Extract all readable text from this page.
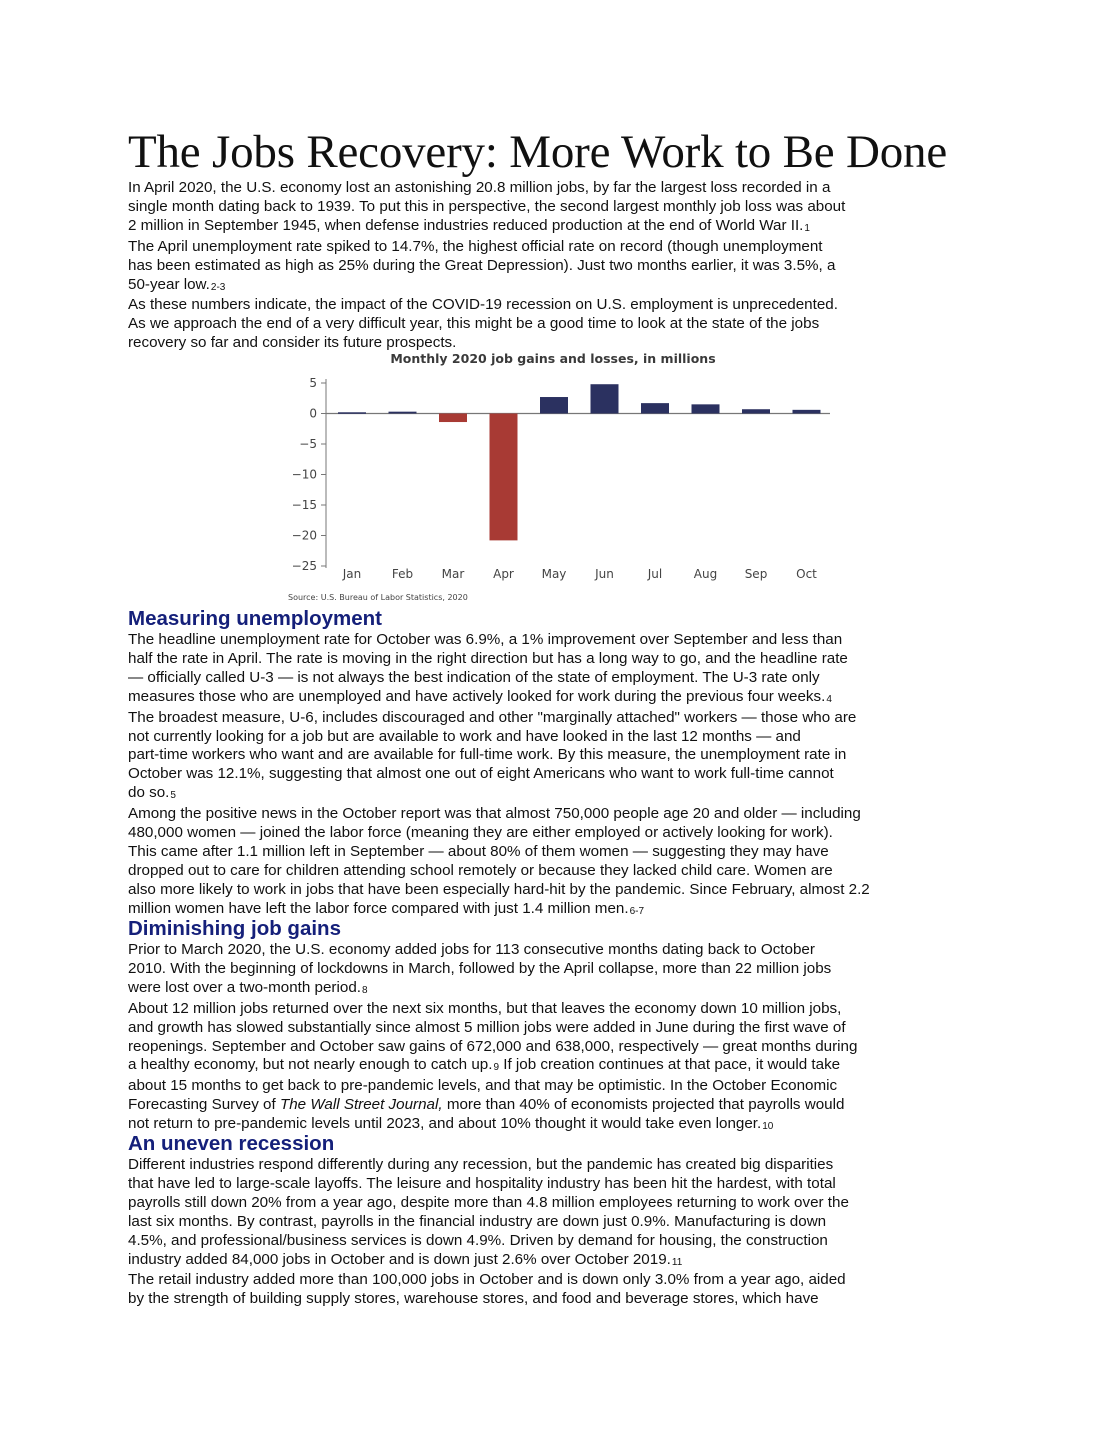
The Jobs Recovery: More Work to Be Done

In April 2020, the U.S. economy lost an astonishing 20.8 million jobs, by far the largest loss recorded in a
single month dating back to 1939. To put this in perspective, the second largest monthly job loss was about
2 million in September 1945, when defense industries reduced production at the end of World War II.$^1$

The April unemployment rate spiked to 14.7%, the highest official rate on record (though unemployment
has been estimated as high as 25% during the Great Depression). Just two months earlier, it was 3.5%, a
50-year low.$^{2-3}$

As these numbers indicate, the impact of the COVID-19 recession on U.S. employment is unprecedented.
As we approach the end of a very difficult year, this might be a good time to look at the state of the jobs
recovery so far and consider its future prospects.

Monthly 2020 job gains and losses, in millions
5
0
−5
−10
−15
−20
−25
Jan	Feb Mar Apr May Jun	Jul	Aug Sep Oct
Source: U.S. Bureau of Labor Statistics, 2020
Measuring unemployment

The headline unemployment rate for October was 6.9%, a 1% improvement over September and less than
half the rate in April. The rate is moving in the right direction but has a long way to go, and the headline rate
— officially called U-3 — is not always the best indication of the state of employment. The U-3 rate only
measures those who are unemployed and have actively looked for work during the previous four weeks.$^4$

The broadest measure, U-6, includes discouraged and other "marginally attached" workers — those who are
not currently looking for a job but are available to work and have looked in the last 12 months — and
part-time workers who want and are available for full-time work. By this measure, the unemployment rate in
October was 12.1%, suggesting that almost one out of eight Americans who want to work full-time cannot
do so.$^5$

Among the positive news in the October report was that almost 750,000 people age 20 and older — including
480,000 women — joined the labor force (meaning they are either employed or actively looking for work).
This came after 1.1 million left in September — about 80% of them women — suggesting they may have
dropped out to care for children attending school remotely or because they lacked child care. Women are
also more likely to work in jobs that have been especially hard-hit by the pandemic. Since February, almost 2.2
million women have left the labor force compared with just 1.4 million men.$^{6-7}$

Diminishing job gains

Prior to March 2020, the U.S. economy added jobs for 113 consecutive months dating back to October
2010. With the beginning of lockdowns in March, followed by the April collapse, more than 22 million jobs
were lost over a two-month period.$^8$

About 12 million jobs returned over the next six months, but that leaves the economy down 10 million jobs,
and growth has slowed substantially since almost 5 million jobs were added in June during the first wave of
reopenings. September and October saw gains of 672,000 and 638,000, respectively — great months during
a healthy economy, but not nearly enough to catch up.$^9$ If job creation continues at that pace, it would take
about 15 months to get back to pre-pandemic levels, and that may be optimistic. In the October Economic
Forecasting Survey of The Wall Street Journal, more than 40% of economists projected that payrolls would
not return to pre-pandemic levels until 2023, and about 10% thought it would take even longer.$^{10}$

An uneven recession

Different industries respond differently during any recession, but the pandemic has created big disparities
that have led to large-scale layoffs. The leisure and hospitality industry has been hit the hardest, with total
payrolls still down 20% from a year ago, despite more than 4.8 million employees returning to work over the
last six months. By contrast, payrolls in the financial industry are down just 0.9%. Manufacturing is down
4.5%, and professional/business services is down 4.9%. Driven by demand for housing, the construction
industry added 84,000 jobs in October and is down just 2.6% over October 2019.11

The retail industry added more than 100,000 jobs in October and is down only 3.0% from a year ago, aided
by the strength of building supply stores, warehouse stores, and food and beverage stores, which have
